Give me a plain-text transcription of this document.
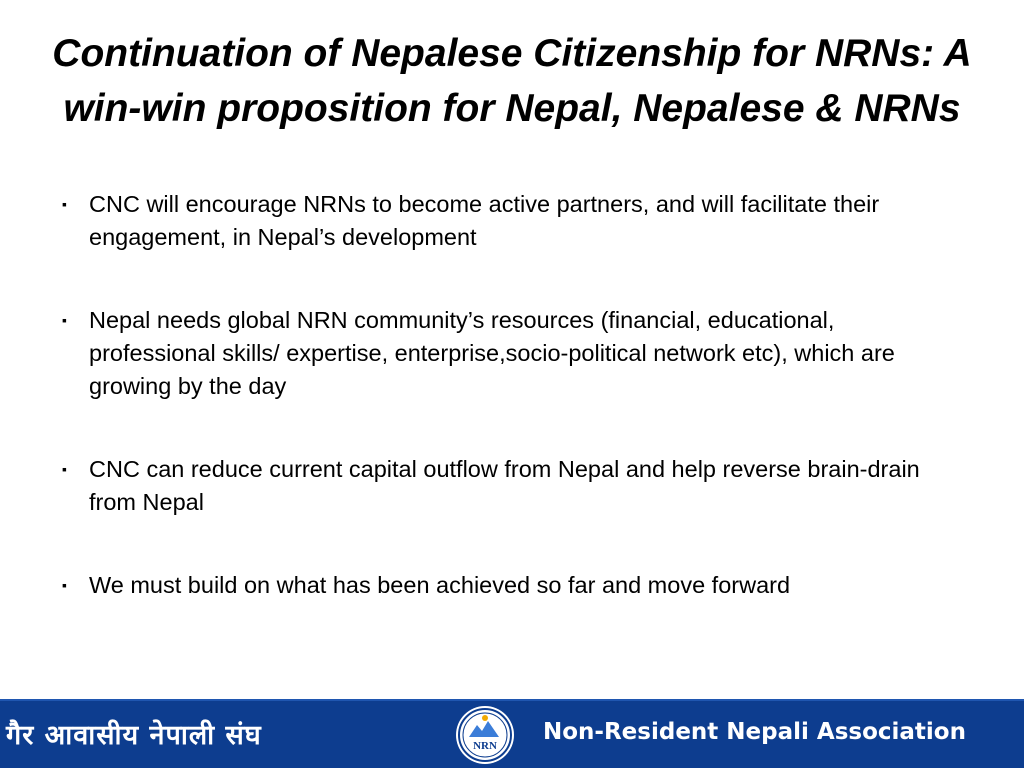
Continuation of Nepalese Citizenship for NRNs: A win-win proposition for Nepal, Nepalese & NRNs
▪ CNC will encourage NRNs to become active partners, and will facilitate their engagement, in Nepal’s development
▪ Nepal needs global NRN community’s resources (financial, educational, professional skills/ expertise, enterprise,socio-political network etc), which are growing by the day
▪ CNC can reduce current capital outflow from Nepal and help reverse brain-drain from Nepal
▪ We must build on what has been achieved so far and move forward
गैर आवासीय नेपाली संघ	NRN
Non-Resident Nepali Association
